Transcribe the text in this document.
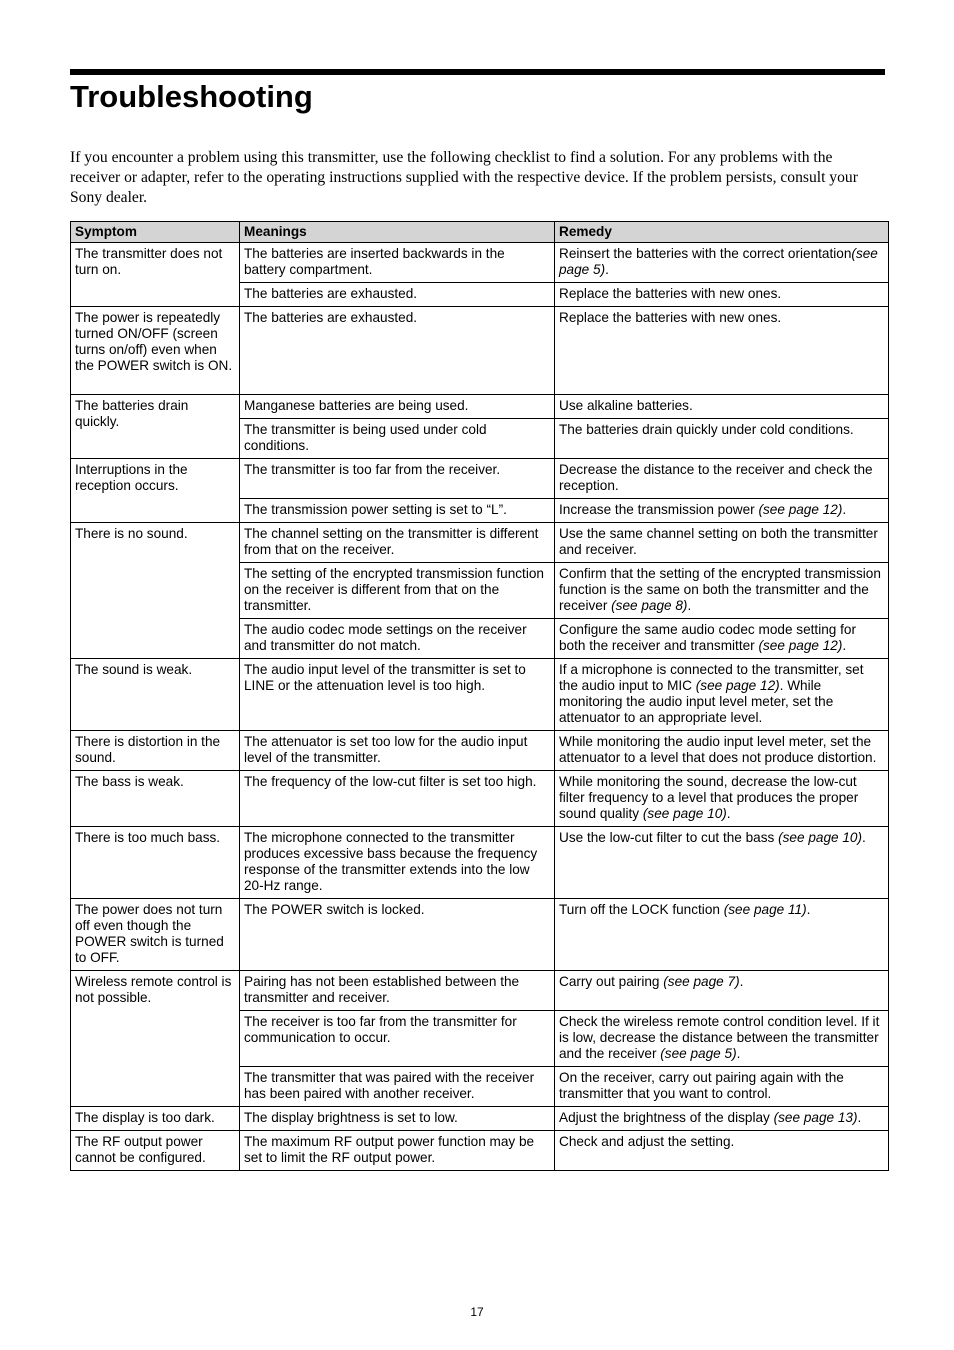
Troubleshooting

If you encounter a problem using this transmitter, use the following checklist to find a solution. For any problems with the receiver or adapter, refer to the operating instructions supplied with the respective device. If the problem persists, consult your Sony dealer.

Symptom	Meanings	Remedy
The transmitter does not turn on.	The batteries are inserted backwards in the battery compartment.	Reinsert the batteries with the correct orientation(see page 5).
	The batteries are exhausted.	Replace the batteries with new ones.
The power is repeatedly turned ON/OFF (screen turns on/off) even when the POWER switch is ON.	The batteries are exhausted.	Replace the batteries with new ones.
The batteries drain quickly.	Manganese batteries are being used.	Use alkaline batteries.
	The transmitter is being used under cold conditions.	The batteries drain quickly under cold conditions.
Interruptions in the reception occurs.	The transmitter is too far from the receiver.	Decrease the distance to the receiver and check the reception.
	The transmission power setting is set to “L”.	Increase the transmission power (see page 12).
There is no sound.	The channel setting on the transmitter is different from that on the receiver.	Use the same channel setting on both the transmitter and receiver.
	The setting of the encrypted transmission function on the receiver is different from that on the transmitter.	Confirm that the setting of the encrypted transmission function is the same on both the transmitter and the receiver (see page 8).
	The audio codec mode settings on the receiver and transmitter do not match.	Configure the same audio codec mode setting for both the receiver and transmitter (see page 12).
The sound is weak.	The audio input level of the transmitter is set to LINE or the attenuation level is too high.	If a microphone is connected to the transmitter, set the audio input to MIC (see page 12). While monitoring the audio input level meter, set the attenuator to an appropriate level.
There is distortion in the sound.	The attenuator is set too low for the audio input level of the transmitter.	While monitoring the audio input level meter, set the attenuator to a level that does not produce distortion.
The bass is weak.	The frequency of the low-cut filter is set too high.	While monitoring the sound, decrease the low-cut filter frequency to a level that produces the proper sound quality (see page 10).
There is too much bass.	The microphone connected to the transmitter produces excessive bass because the frequency response of the transmitter extends into the low 20-Hz range.	Use the low-cut filter to cut the bass (see page 10).
The power does not turn off even though the POWER switch is turned to OFF.	The POWER switch is locked.	Turn off the LOCK function (see page 11).
Wireless remote control is not possible.	Pairing has not been established between the transmitter and receiver.	Carry out pairing (see page 7).
	The receiver is too far from the transmitter for communication to occur.	Check the wireless remote control condition level. If it is low, decrease the distance between the transmitter and the receiver (see page 5).
	The transmitter that was paired with the receiver has been paired with another receiver.	On the receiver, carry out pairing again with the transmitter that you want to control.
The display is too dark.	The display brightness is set to low.	Adjust the brightness of the display (see page 13).
The RF output power cannot be configured.	The maximum RF output power function may be set to limit the RF output power.	Check and adjust the setting.
17
